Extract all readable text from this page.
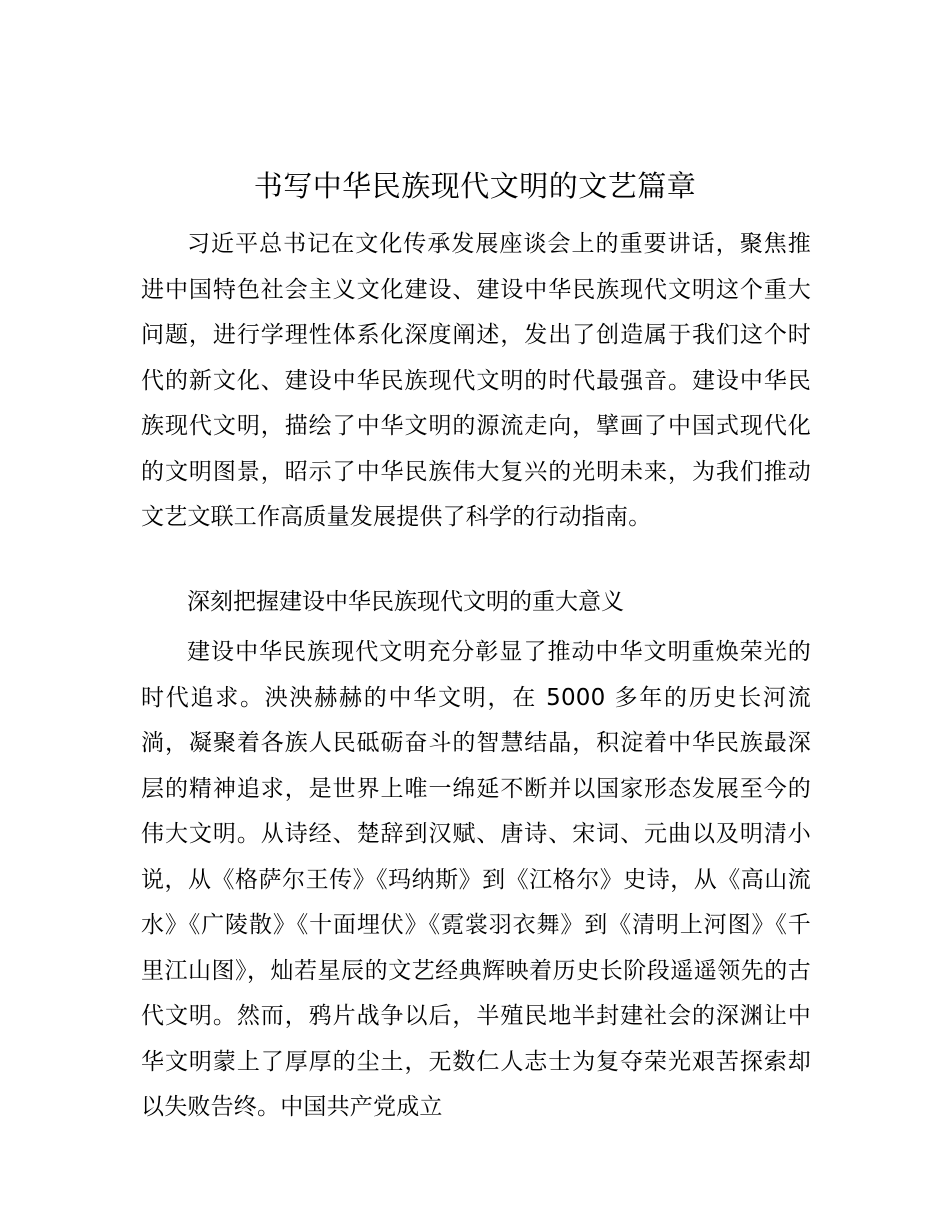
书写中华民族现代文明的文艺篇章

习近平总书记在文化传承发展座谈会上的重要讲话，聚焦推进中国特色社会主义文化建设、建设中华民族现代文明这个重大问题，进行学理性体系化深度阐述，发出了创造属于我们这个时代的新文化、建设中华民族现代文明的时代最强音。建设中华民族现代文明，描绘了中华文明的源流走向，擘画了中国式现代化的文明图景，昭示了中华民族伟大复兴的光明未来，为我们推动文艺文联工作高质量发展提供了科学的行动指南。

深刻把握建设中华民族现代文明的重大意义

建设中华民族现代文明充分彰显了推动中华文明重焕荣光的时代追求。泱泱赫赫的中华文明，在 5000 多年的历史长河流淌，凝聚着各族人民砥砺奋斗的智慧结晶，积淀着中华民族最深层的精神追求，是世界上唯一绵延不断并以国家形态发展至今的伟大文明。从诗经、楚辞到汉赋、唐诗、宋词、元曲以及明清小说，从《格萨尔王传》《玛纳斯》到《江格尔》史诗，从《高山流水》《广陵散》《十面埋伏》《霓裳羽衣舞》到《清明上河图》《千里江山图》，灿若星辰的文艺经典辉映着历史长阶段遥遥领先的古代文明。然而，鸦片战争以后，半殖民地半封建社会的深渊让中华文明蒙上了厚厚的尘土，无数仁人志士为复夺荣光艰苦探索却以失败告终。中国共产党成立
